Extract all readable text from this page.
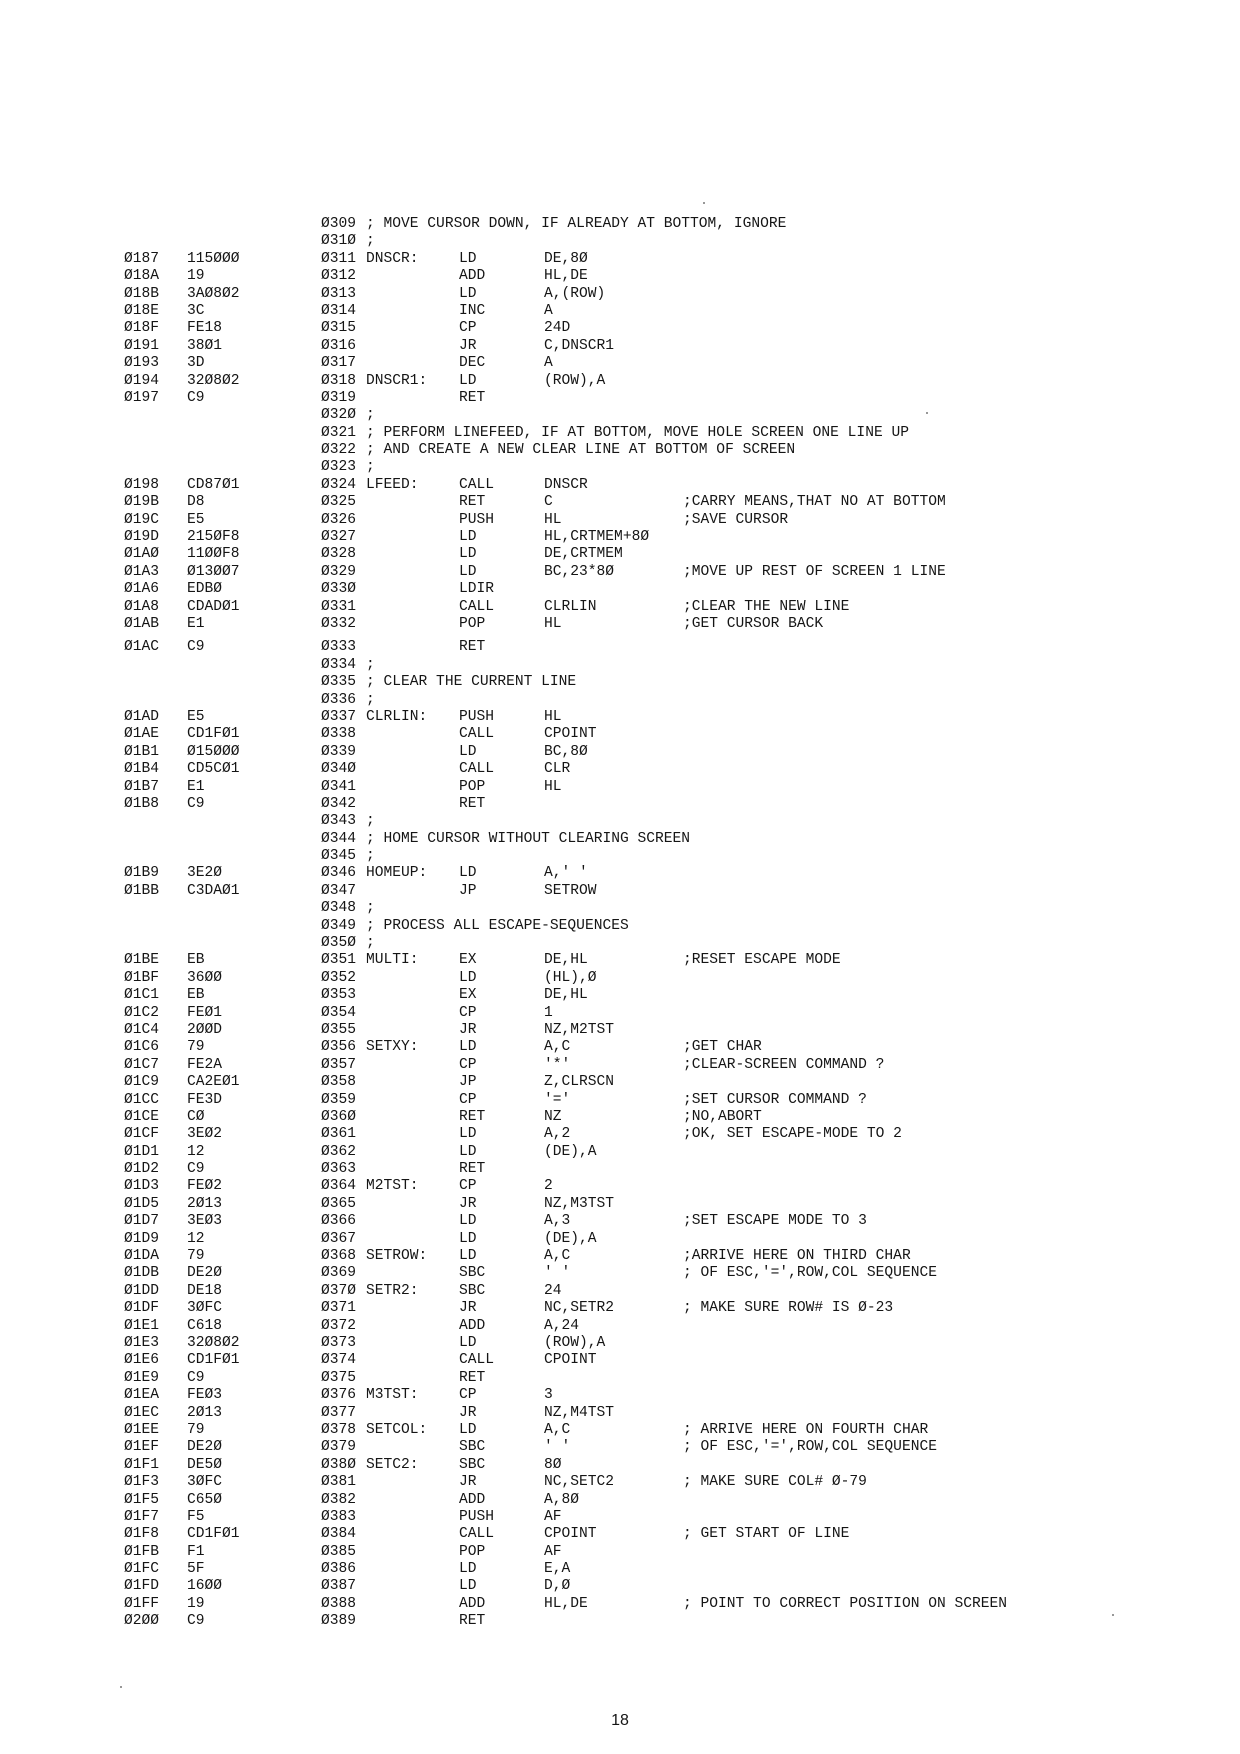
Ø309 ; MOVE CURSOR DOWN, IF ALREADY AT BOTTOM, IGNORE
Ø31Ø ;
Ø187 115ØØØ	Ø311 DNSCR:	LD	DE,8Ø
Ø18A 19	Ø312	ADD	HL,DE
Ø18B 3AØ8Ø2	Ø313	LD	A,(ROW)
Ø18E 3C	Ø314	INC	A
Ø18F FE18	Ø315	CP	24D
Ø191 38Ø1	Ø316	JR	C,DNSCR1
Ø193 3D	Ø317	DEC	A
Ø194 32Ø8Ø2	Ø318 DNSCR1: LD	(ROW),A
Ø197 C9	Ø319	RET
Ø32Ø ;
Ø321 ; PERFORM LINEFEED, IF AT BOTTOM, MOVE HOLE SCREEN ONE LINE UP
Ø322 ; AND CREATE A NEW CLEAR LINE AT BOTTOM OF SCREEN
Ø323 ;
Ø198 CD87Ø1	Ø324 LFEED:	CALL	DNSCR
Ø19B D8	Ø325	RET	C	;CARRY MEANS,THAT NO AT BOTTOM
Ø19C E5	Ø326	PUSH	HL	;SAVE CURSOR
Ø19D 215ØF8	Ø327	LD	HL,CRTMEM+8Ø
Ø1AØ 11ØØF8	Ø328	LD	DE,CRTMEM
Ø1A3 Ø13ØØ7	Ø329	LD	BC,23*8Ø	;MOVE UP REST OF SCREEN 1 LINE
Ø1A6 EDBØ	Ø33Ø	LDIR
Ø1A8 CDADØ1	Ø331	CALL	CLRLIN	;CLEAR THE NEW LINE
Ø1AB E1	Ø332	POP	HL	;GET CURSOR BACK
Ø1AC C9	Ø333	RET
Ø334 ;
Ø335 ; CLEAR THE CURRENT LINE
Ø336 ;
Ø1AD E5	Ø337 CLRLIN: PUSH	HL
Ø1AE CD1FØ1	Ø338	CALL	CPOINT
Ø1B1 Ø15ØØØ	Ø339	LD	BC,8Ø
Ø1B4 CD5CØ1	Ø34Ø	CALL	CLR
Ø1B7 E1	Ø341	POP	HL
Ø1B8 C9	Ø342	RET
Ø343 ;
Ø344 ; HOME CURSOR WITHOUT CLEARING SCREEN
Ø345 ;
Ø1B9 3E2Ø	Ø346 HOMEUP: LD	A,' '
Ø1BB C3DAØ1	Ø347	JP	SETROW
Ø348 ;
Ø349 ; PROCESS ALL ESCAPE-SEQUENCES
Ø35Ø ;
Ø1BE EB	Ø351 MULTI:	EX	DE,HL	;RESET ESCAPE MODE
Ø1BF 36ØØ	Ø352	LD	(HL),Ø
Ø1C1 EB	Ø353	EX	DE,HL
Ø1C2 FEØ1	Ø354	CP	1
Ø1C4 2ØØD	Ø355	JR	NZ,M2TST
Ø1C6 79	Ø356 SETXY:	LD	A,C	;GET CHAR
Ø1C7 FE2A	Ø357	CP	'*'	;CLEAR-SCREEN COMMAND ?
Ø1C9 CA2EØ1	Ø358	JP	Z,CLRSCN
Ø1CC FE3D	Ø359	CP	'='	;SET CURSOR COMMAND ?
Ø1CE CØ	Ø36Ø	RET	NZ	;NO,ABORT
Ø1CF 3EØ2	Ø361	LD	A,2	;OK, SET ESCAPE-MODE TO 2
Ø1D1 12	Ø362	LD	(DE),A
Ø1D2 C9	Ø363	RET
Ø1D3 FEØ2	Ø364 M2TST:	CP	2
Ø1D5 2Ø13	Ø365	JR	NZ,M3TST
Ø1D7 3EØ3	Ø366	LD	A,3	;SET ESCAPE MODE TO 3
Ø1D9 12	Ø367	LD	(DE),A
Ø1DA 79	Ø368 SETROW: LD	A,C	;ARRIVE HERE ON THIRD CHAR
Ø1DB DE2Ø	Ø369	SBC	' '	; OF ESC,'=',ROW,COL SEQUENCE
Ø1DD DE18	Ø37Ø SETR2:	SBC	24
Ø1DF 3ØFC	Ø371	JR	NC,SETR2	; MAKE SURE ROW# IS Ø-23
Ø1E1 C618	Ø372	ADD	A,24
Ø1E3 32Ø8Ø2	Ø373	LD	(ROW),A
Ø1E6 CD1FØ1	Ø374	CALL	CPOINT
Ø1E9 C9	Ø375	RET
Ø1EA FEØ3	Ø376 M3TST:	CP	3
Ø1EC 2Ø13	Ø377	JR	NZ,M4TST
Ø1EE 79	Ø378 SETCOL: LD	A,C	; ARRIVE HERE ON FOURTH CHAR
Ø1EF DE2Ø	Ø379	SBC	' '	; OF ESC,'=',ROW,COL SEQUENCE
Ø1F1 DE5Ø	Ø38Ø SETC2:	SBC	8Ø
Ø1F3 3ØFC	Ø381	JR	NC,SETC2	; MAKE SURE COL# Ø-79
Ø1F5 C65Ø	Ø382	ADD	A,8Ø
Ø1F7 F5	Ø383	PUSH	AF
Ø1F8 CD1FØ1	Ø384	CALL	CPOINT	; GET START OF LINE
Ø1FB F1	Ø385	POP	AF
Ø1FC 5F	Ø386	LD	E,A
Ø1FD 16ØØ	Ø387	LD	D,Ø
Ø1FF 19	Ø388	ADD	HL,DE	; POINT TO CORRECT POSITION ON SCREEN
Ø2ØØ C9	Ø389	RET
18
